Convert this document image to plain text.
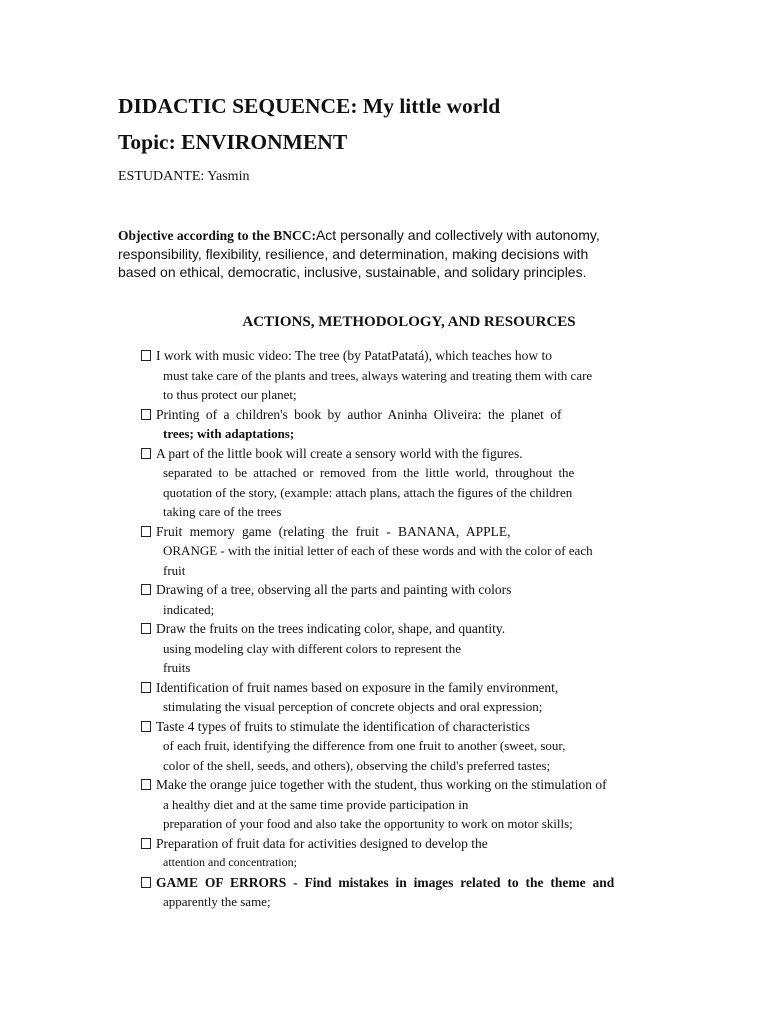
DIDACTIC SEQUENCE: My little world
Topic: ENVIRONMENT
ESTUDANTE: Yasmin
Objective according to the BNCC:Act personally and collectively with autonomy,
responsibility, flexibility, resilience, and determination, making decisions with
based on ethical, democratic, inclusive, sustainable, and solidary principles.
ACTIONS, METHODOLOGY, AND RESOURCES
I work with music video: The tree (by PatatPatatá), which teaches how to
must take care of the plants and trees, always watering and treating them with care
to thus protect our planet;
Printing of a children's book by author Aninha Oliveira: the planet of
trees; with adaptations;
A part of the little book will create a sensory world with the figures.
separated to be attached or removed from the little world, throughout the
quotation of the story, (example: attach plans, attach the figures of the children
taking care of the trees
Fruit memory game (relating the fruit - BANANA, APPLE,
ORANGE - with the initial letter of each of these words and with the color of each
fruit
Drawing of a tree, observing all the parts and painting with colors
indicated;
Draw the fruits on the trees indicating color, shape, and quantity.
using modeling clay with different colors to represent the
fruits
Identification of fruit names based on exposure in the family environment,
stimulating the visual perception of concrete objects and oral expression;
Taste 4 types of fruits to stimulate the identification of characteristics
of each fruit, identifying the difference from one fruit to another (sweet, sour,
color of the shell, seeds, and others), observing the child's preferred tastes;
Make the orange juice together with the student, thus working on the stimulation of
a healthy diet and at the same time provide participation in
preparation of your food and also take the opportunity to work on motor skills;
Preparation of fruit data for activities designed to develop the
attention and concentration;
GAME OF ERRORS - Find mistakes in images related to the theme and
apparently the same;
